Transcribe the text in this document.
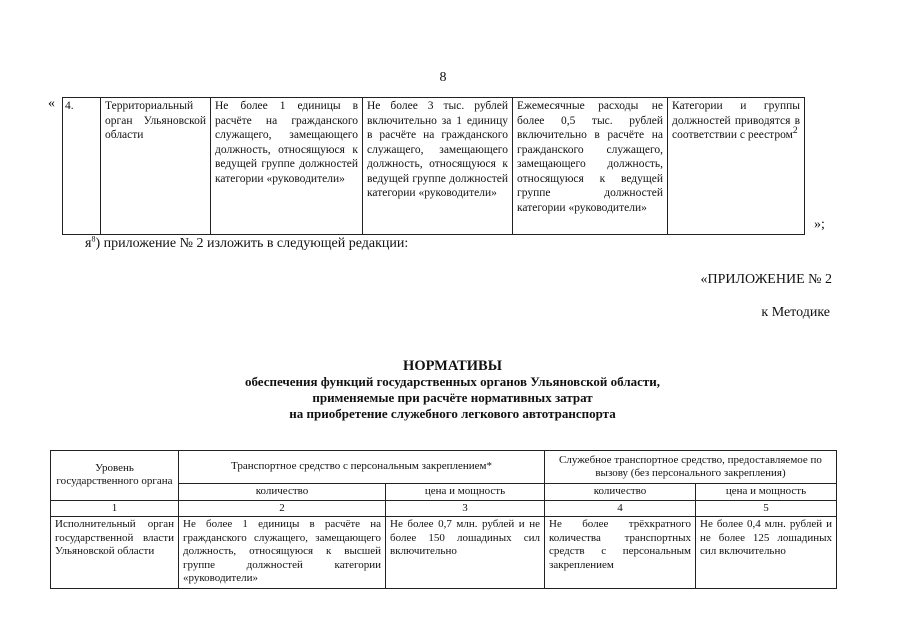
8
« 4.	Территориальный орган Ульяновской области	Не более 1 единицы в расчёте на гражданского служащего, замещающего должность, относящуюся к ведущей группе должностей категории «руководители»	Не более 3 тыс. рублей включительно за 1 единицу в расчёте на гражданского служащего, замещающего должность, относящуюся к ведущей группе должностей категории «руководители»	Ежемесячные расходы не более 0,5 тыс. рублей включительно в расчёте на гражданского служащего, замещающего должность, относящуюся к ведущей группе должностей категории «руководители»	Категории и группы должностей приводятся в соответствии с реестром$^2$
»;
$я^8$) приложение № 2 изложить в следующей редакции:
«ПРИЛОЖЕНИЕ № 2
к Методике
НОРМАТИВЫ
обеспечения функций государственных органов Ульяновской области,
применяемые при расчёте нормативных затрат
на приобретение служебного легкового автотранспорта
Уровень государственного органа	Транспортное средство с персональным закреплением*		Служебное транспортное средство, предоставляемое по вызову (без персонального закрепления)	
	количество	цена и мощность	количество	цена и мощность
1	2	3	4	5
Исполнительный орган государственной власти Ульяновской области	Не более 1 единицы в расчёте на гражданского служащего, замещающего должность, относящуюся к высшей группе должностей категории «руководители»	Не более 0,7 млн. рублей и не более 150 лошадиных сил включительно	Не более трёхкратного количества транспортных средств с персональным закреплением	Не более 0,4 млн. рублей и не более 125 лошадиных сил включительно
